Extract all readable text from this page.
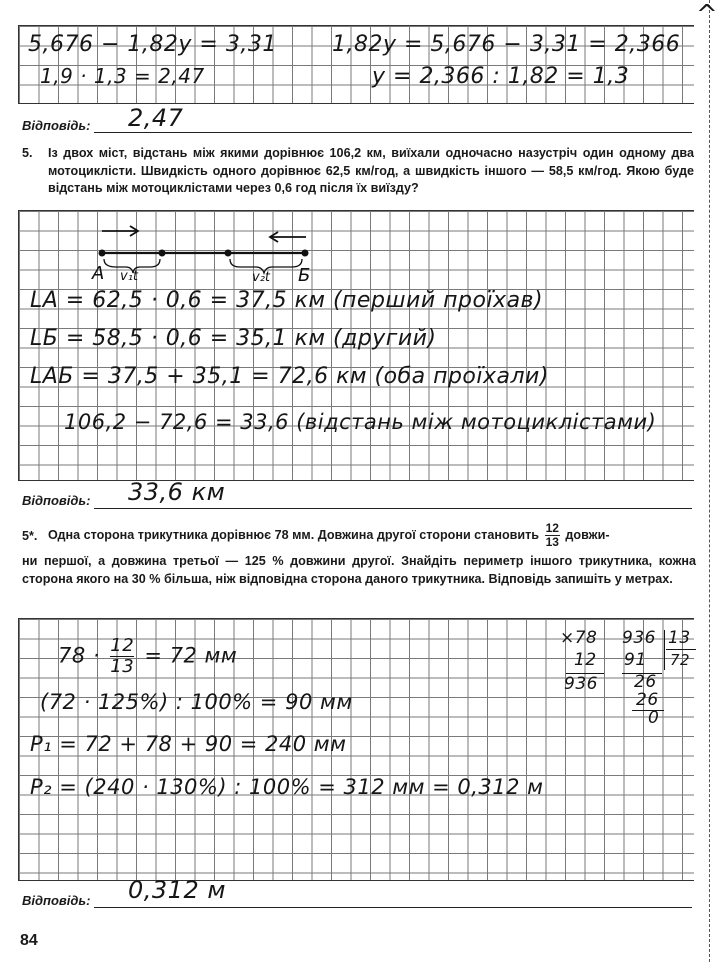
^
5,676 − 1,82y = 3,31
1,9 · 1,3 = 2,47
1,82y = 5,676 − 3,31 = 2,366
y = 2,366 : 1,82 = 1,3
Відповідь: 2,47
5. Із двох міст, відстань між якими дорівнює 106,2 км, виїхали одночасно назустріч один одному два мотоциклісти. Швидкість одного дорівнює 62,5 км/год, а швидкість іншого — 58,5 км/год. Якою буде відстань між мотоциклістами через 0,6 год після їх виїзду?
А	Б
v₁t	v₂t
LА = 62,5 · 0,6 = 37,5 км (перший проїхав)
LБ = 58,5 · 0,6 = 35,1 км (другий)
LАБ = 37,5 + 35,1 = 72,6 км (оба проїхали)
106,2 − 72,6 = 33,6 (відстань між мотоциклістами)
Відповідь: 33,6 км
5*. Одна сторона трикутника дорівнює 78 мм. Довжина другої сторони становить $\frac{12}{13}$ довжи-
ни першої, а довжина третьої — 125 % довжини другої. Знайдіть периметр іншого трикутника, кожна сторона якого на 30 % більша, ніж відповідна сторона даного трикутника. Відповідь запишіть у метрах.
$78 \cdot \frac{12}{13} = 72$ мм
(72 · 125%) : 100% = 90 мм
P₁ = 72 + 78 + 90 = 240 мм
P₂ = (240 · 130%) : 100% = 312 мм = 0,312 м
×78
12
936
936 13
72
91
26
26
0
Відповідь: 0,312 м
84
